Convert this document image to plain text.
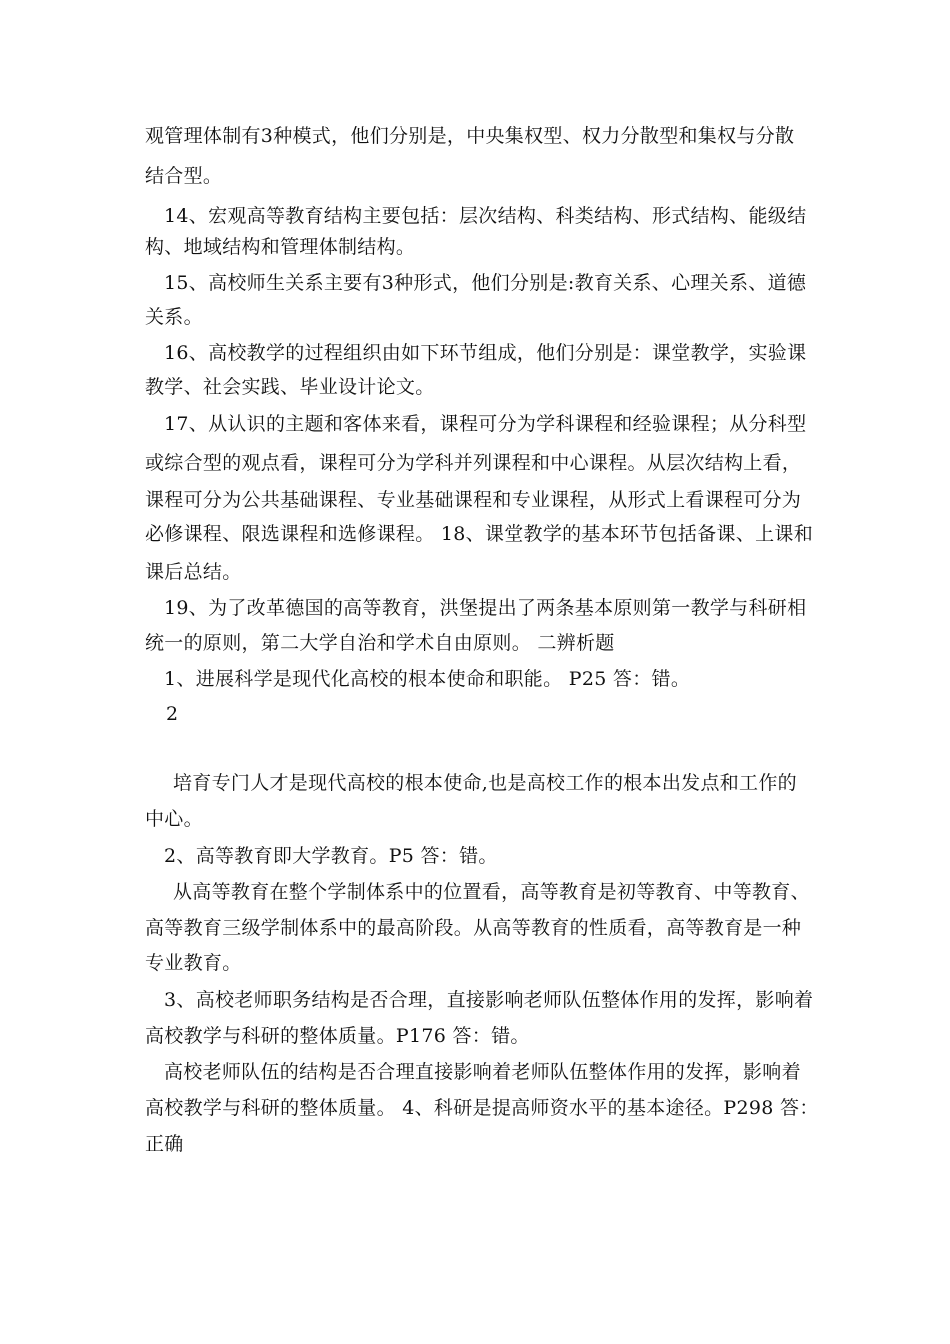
观管理体制有3种模式，他们分别是，中央集权型、权力分散型和集权与分散
结合型。
14、宏观高等教育结构主要包括：层次结构、科类结构、形式结构、能级结
构、地域结构和管理体制结构。
15、高校师生关系主要有3种形式，他们分别是:教育关系、心理关系、道德
关系。
16、高校教学的过程组织由如下环节组成，他们分别是：课堂教学，实验课
教学、社会实践、毕业设计论文。
17、从认识的主题和客体来看，课程可分为学科课程和经验课程；从分科型
或综合型的观点看，课程可分为学科并列课程和中心课程。从层次结构上看，
课程可分为公共基础课程、专业基础课程和专业课程，从形式上看课程可分为
必修课程、限选课程和选修课程。 18、课堂教学的基本环节包括备课、上课和
课后总结。
19、为了改革德国的高等教育，洪堡提出了两条基本原则第一教学与科研相
统一的原则，第二大学自治和学术自由原则。 二辨析题
1、进展科学是现代化高校的根本使命和职能。 P25 答：错。
2
培育专门人才是现代高校的根本使命,也是高校工作的根本出发点和工作的
中心。
2、高等教育即大学教育。P5 答：错。
从高等教育在整个学制体系中的位置看，高等教育是初等教育、中等教育、
高等教育三级学制体系中的最高阶段。从高等教育的性质看，高等教育是一种
专业教育。
3、高校老师职务结构是否合理，直接影响老师队伍整体作用的发挥，影响着
高校教学与科研的整体质量。P176 答：错。
高校老师队伍的结构是否合理直接影响着老师队伍整体作用的发挥，影响着
高校教学与科研的整体质量。 4、科研是提高师资水平的基本途径。P298 答：
正确
